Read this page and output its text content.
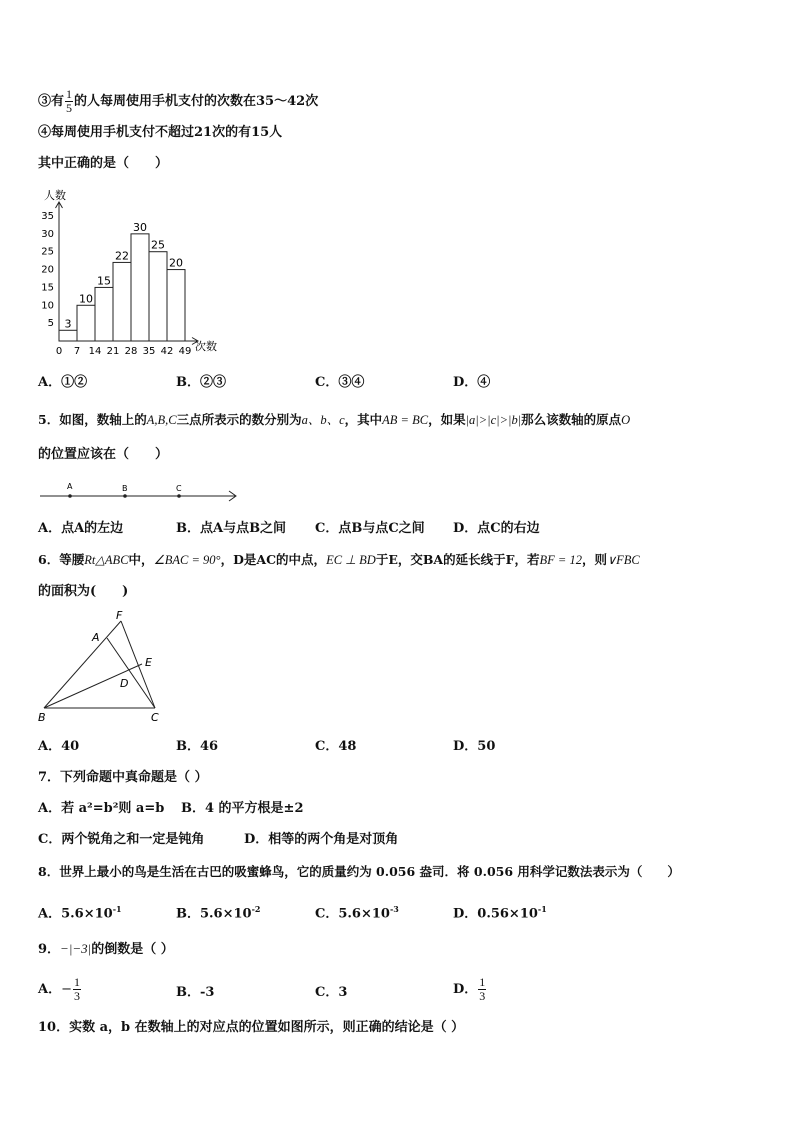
③有 $\frac{1}{5}$ 的人每周使用手机支付的次数在35～42次
④每周使用手机支付不超过21次的有15人
其中正确的是（　　）
人数
次数
5
10
15
20
25
30
35
0 7 14 21 28 35 42 49
3
10
15
22
30
25
20
A．①②	B．②③	C．③④	D．④
5．如图，数轴上的A,B,C三点所表示的数分别为a、b、c，其中AB = BC，如果|a|>|c|>|b|那么该数轴的原点O
的位置应该在（　　）
A	B	C
A．点A的左边	B．点A与点B之间 C．点B与点C之间 D．点C的右边
6．等腰Rt△ABC中，∠BAC = 90°，D是AC的中点，EC ⊥ BD于E，交BA的延长线于F，若BF = 12，则∨FBC
的面积为(　　)
F
A
E
D
B	C
A．40	B．46	C．48	D．50
7．下列命题中真命题是（ ）
A．若 a²=b²则 a=b B．4 的平方根是±2
C．两个锐角之和一定是钝角	D．相等的两个角是对顶角
8．世界上最小的鸟是生活在古巴的吸蜜蜂鸟，它的质量约为 0.056 盎司．将 0.056 用科学记数法表示为（　　）
A．$5.6\times 10^{-1}$	B．$5.6\times 10^{-2}$	C．$5.6\times 10^{-3}$	D．$0.56\times 10^{-1}$
9．−|−3|的倒数是（ ）
A．− $\frac{1}{3}$	B．-3	C．3	D． $\frac{1}{3}$
10．实数 a，b 在数轴上的对应点的位置如图所示，则正确的结论是（ ）
